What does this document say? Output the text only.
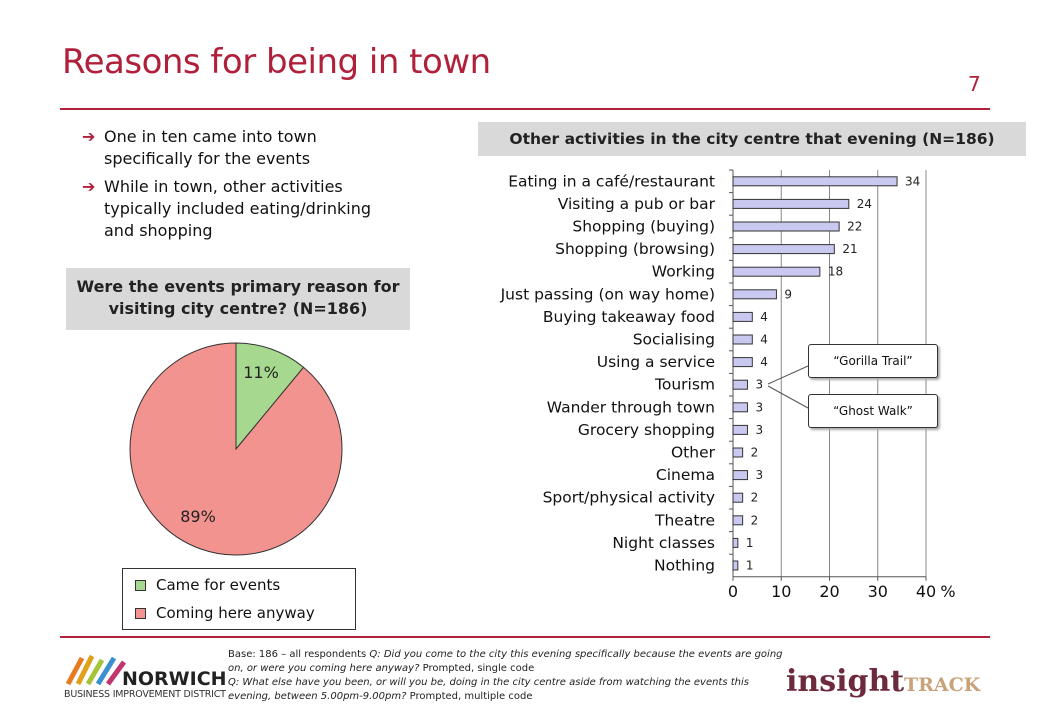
Reasons for being in town
7
➔ One in ten came into town specifically for the events
➔ While in town, other activities typically included eating/drinking and shopping
Were the events primary reason for visiting city centre? (N=186)
Other activities in the city centre that evening (N=186)
11%
89%
Came for events
Coming here anyway
Eating in a café/restaurant	34
Visiting a pub or bar	24
Shopping (buying)	22
Shopping (browsing)	21
Working	18
Just passing (on way home)	9
Buying takeaway food	4
Socialising	4
Using a service	4
Tourism	3
Wander through town	3
Grocery shopping	3
Other	2
Cinema	3
Sport/physical activity	2
Theatre	2
Night classes	1
Nothing	1
0 10 20 30 40 %
“Gorilla Trail”
“Ghost Walk”
Base: 186 – all respondents Q: Did you come to the city this evening specifically because the events are going on, or were you coming here anyway? Prompted, single code
Q: What else have you been, or will you be, doing in the city centre aside from watching the events this evening, between 5.00pm-9.00pm? Prompted, multiple code
NORWICH
BUSINESS IMPROVEMENT DISTRICT	insight TRACK
